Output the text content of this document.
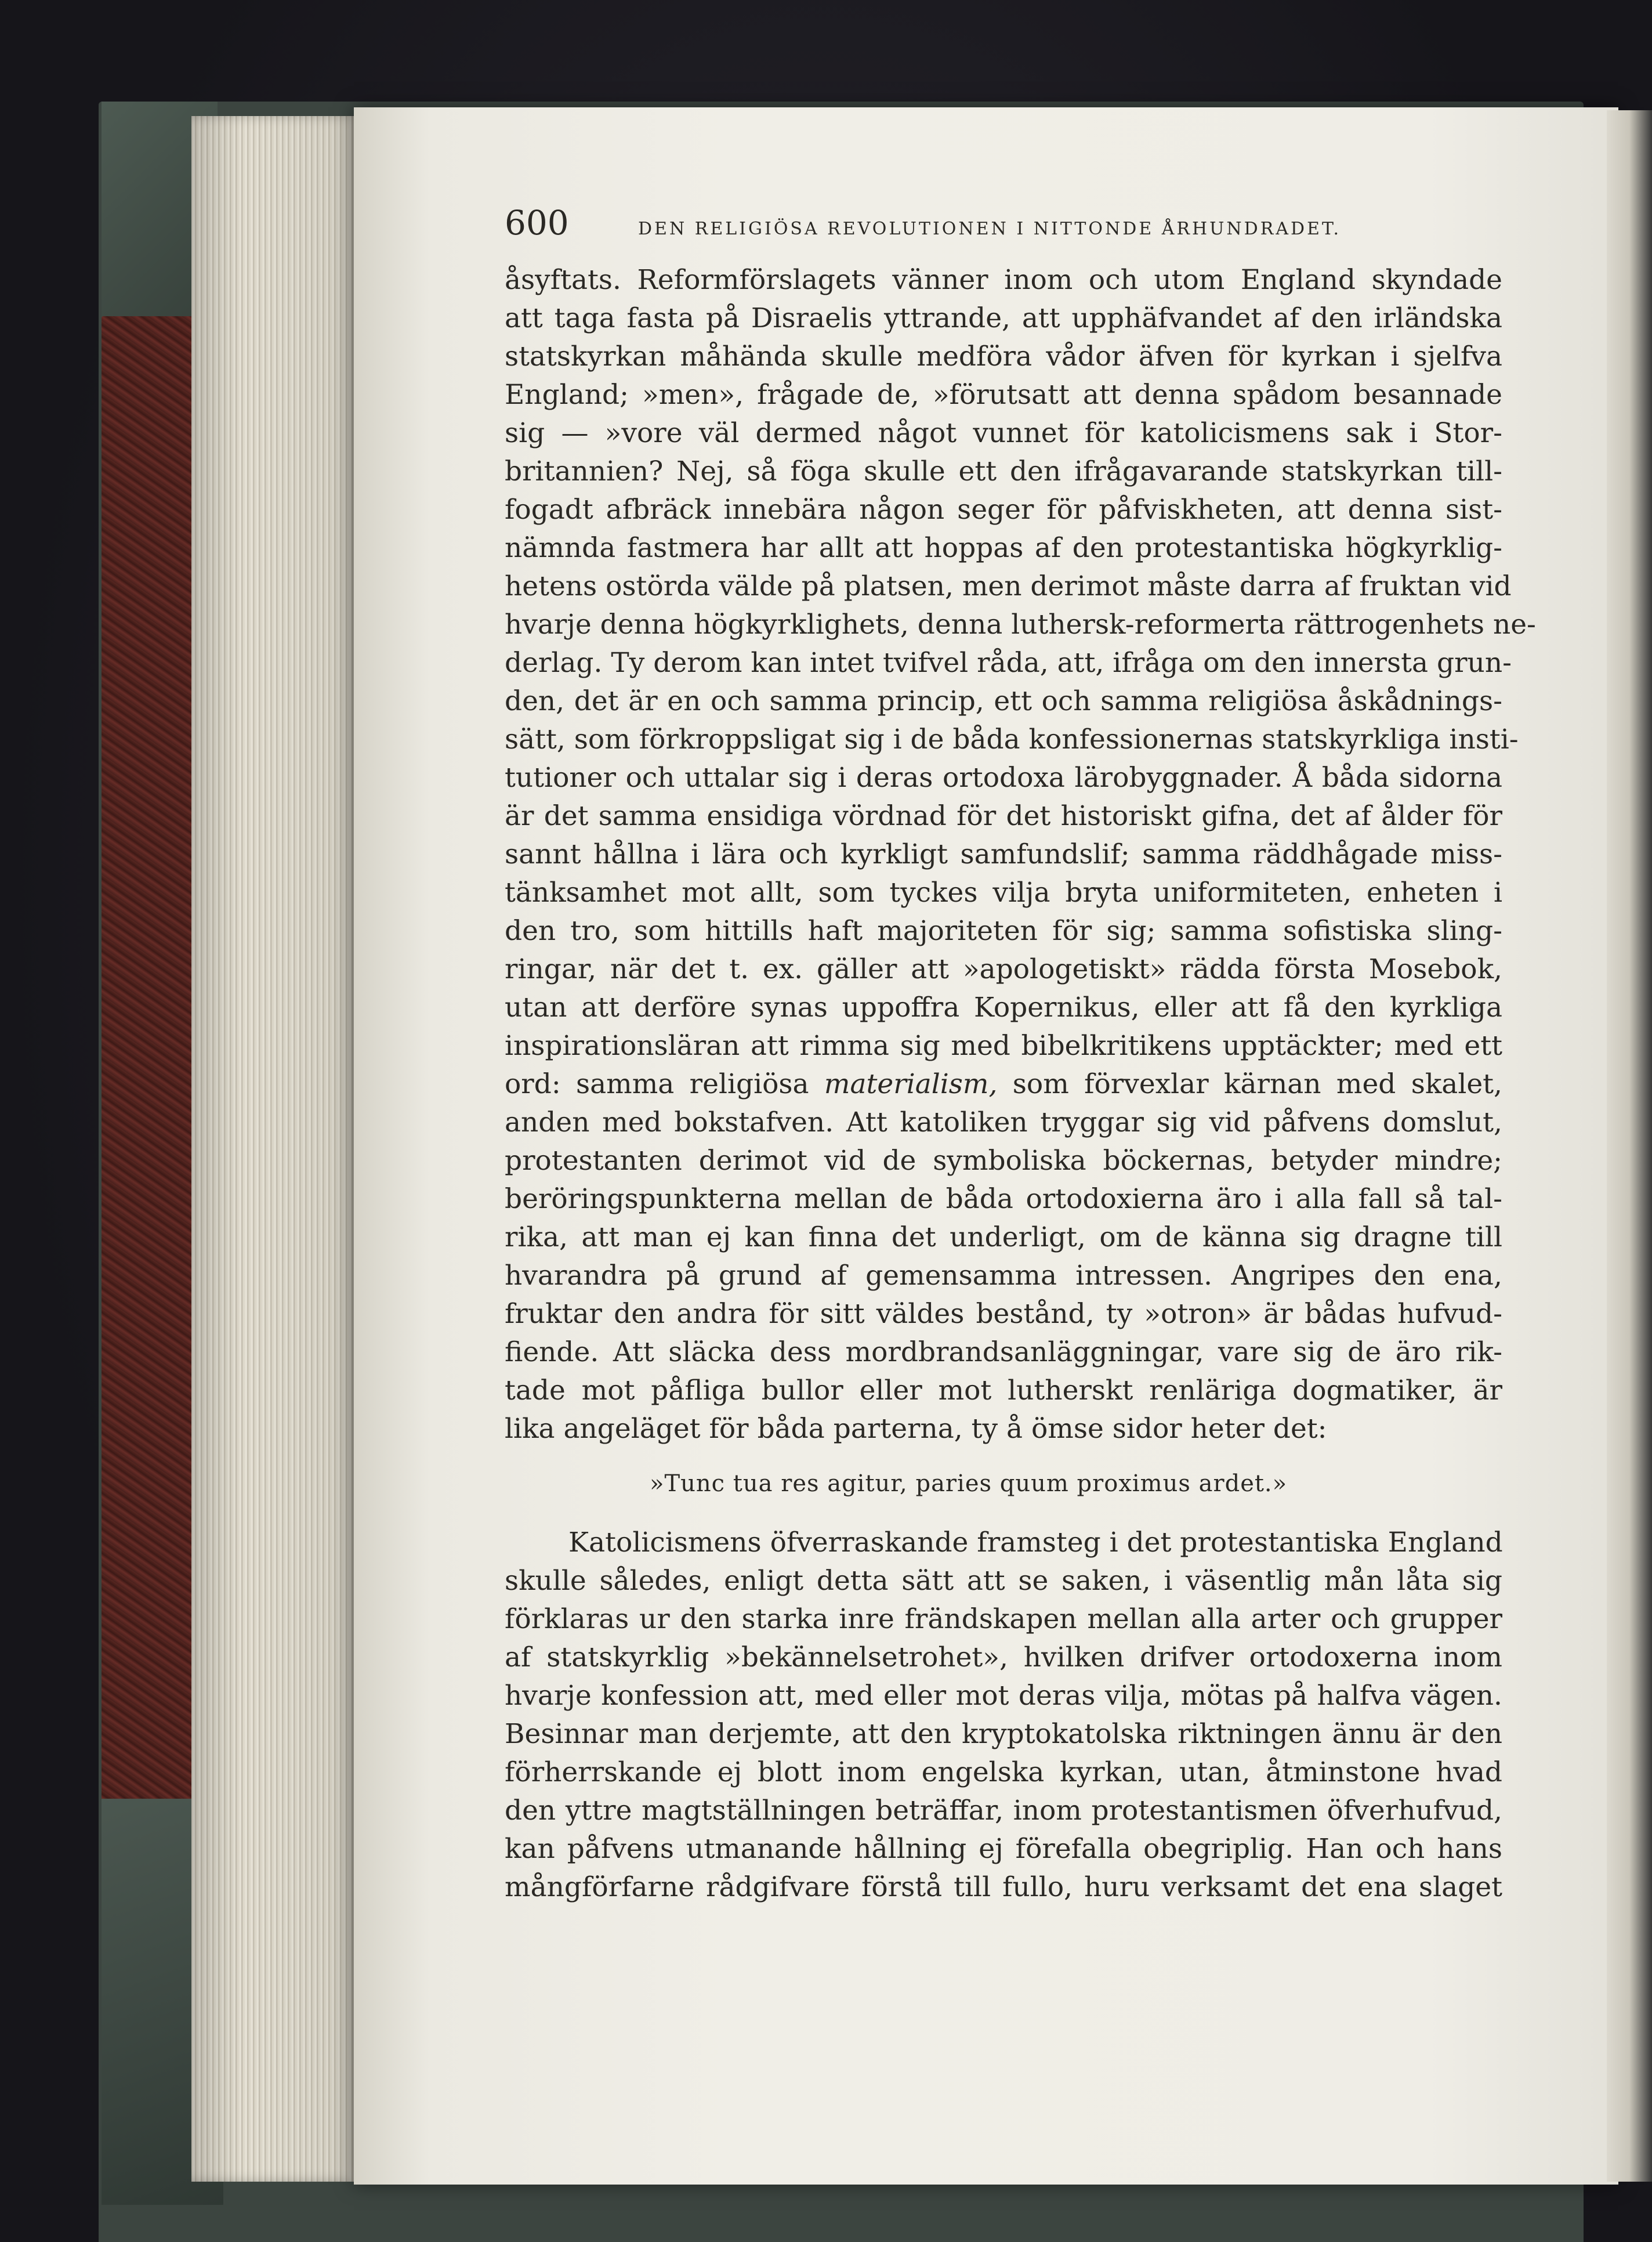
600	DEN RELIGIÖSA REVOLUTIONEN I NITTONDE ÅRHUNDRADET.
åsyftats. Reformförslagets vänner inom och utom England skyndade
att taga fasta på Disraelis yttrande, att upphäfvandet af den irländska
statskyrkan måhända skulle medföra vådor äfven för kyrkan i sjelfva
England; »men», frågade de, »förutsatt att denna spådom besannade
sig — »vore väl dermed något vunnet för katolicismens sak i Stor-
britannien? Nej, så föga skulle ett den ifrågavarande statskyrkan till-
fogadt afbräck innebära någon seger för påfviskheten, att denna sist-
nämnda fastmera har allt att hoppas af den protestantiska högkyrklig-
hetens ostörda välde på platsen, men derimot måste darra af fruktan vid
hvarje denna högkyrklighets, denna luthersk-reformerta rättrogenhets ne-
derlag. Ty derom kan intet tvifvel råda, att, ifråga om den innersta grun-
den, det är en och samma princip, ett och samma religiösa åskådnings-
sätt, som förkroppsligat sig i de båda konfessionernas statskyrkliga insti-
tutioner och uttalar sig i deras ortodoxa lärobyggnader. Å båda sidorna
är det samma ensidiga vördnad för det historiskt gifna, det af ålder för
sannt hållna i lära och kyrkligt samfundslif; samma räddhågade miss-
tänksamhet mot allt, som tyckes vilja bryta uniformiteten, enheten i
den tro, som hittills haft majoriteten för sig; samma sofistiska sling-
ringar, när det t. ex. gäller att »apologetiskt» rädda första Mosebok,
utan att derföre synas uppoffra Kopernikus, eller att få den kyrkliga
inspirationsläran att rimma sig med bibelkritikens upptäckter; med ett
ord: samma religiösa materialism, som förvexlar kärnan med skalet,
anden med bokstafven. Att katoliken tryggar sig vid påfvens domslut,
protestanten derimot vid de symboliska böckernas, betyder mindre;
beröringspunkterna mellan de båda ortodoxierna äro i alla fall så tal-
rika, att man ej kan finna det underligt, om de känna sig dragne till
hvarandra på grund af gemensamma intressen. Angripes den ena,
fruktar den andra för sitt väldes bestånd, ty »otron» är bådas hufvud-
fiende. Att släcka dess mordbrandsanläggningar, vare sig de äro rik-
tade mot påfliga bullor eller mot lutherskt renläriga dogmatiker, är
lika angeläget för båda parterna, ty å ömse sidor heter det:
»Tunc tua res agitur, paries quum proximus ardet.»
Katolicismens öfverraskande framsteg i det protestantiska England
skulle således, enligt detta sätt att se saken, i väsentlig mån låta sig
förklaras ur den starka inre frändskapen mellan alla arter och grupper
af statskyrklig »bekännelsetrohet», hvilken drifver ortodoxerna inom
hvarje konfession att, med eller mot deras vilja, mötas på halfva vägen.
Besinnar man derjemte, att den kryptokatolska riktningen ännu är den
förherrskande ej blott inom engelska kyrkan, utan, åtminstone hvad
den yttre magtställningen beträffar, inom protestantismen öfverhufvud,
kan påfvens utmanande hållning ej förefalla obegriplig. Han och hans
mångförfarne rådgifvare förstå till fullo, huru verksamt det ena slaget
